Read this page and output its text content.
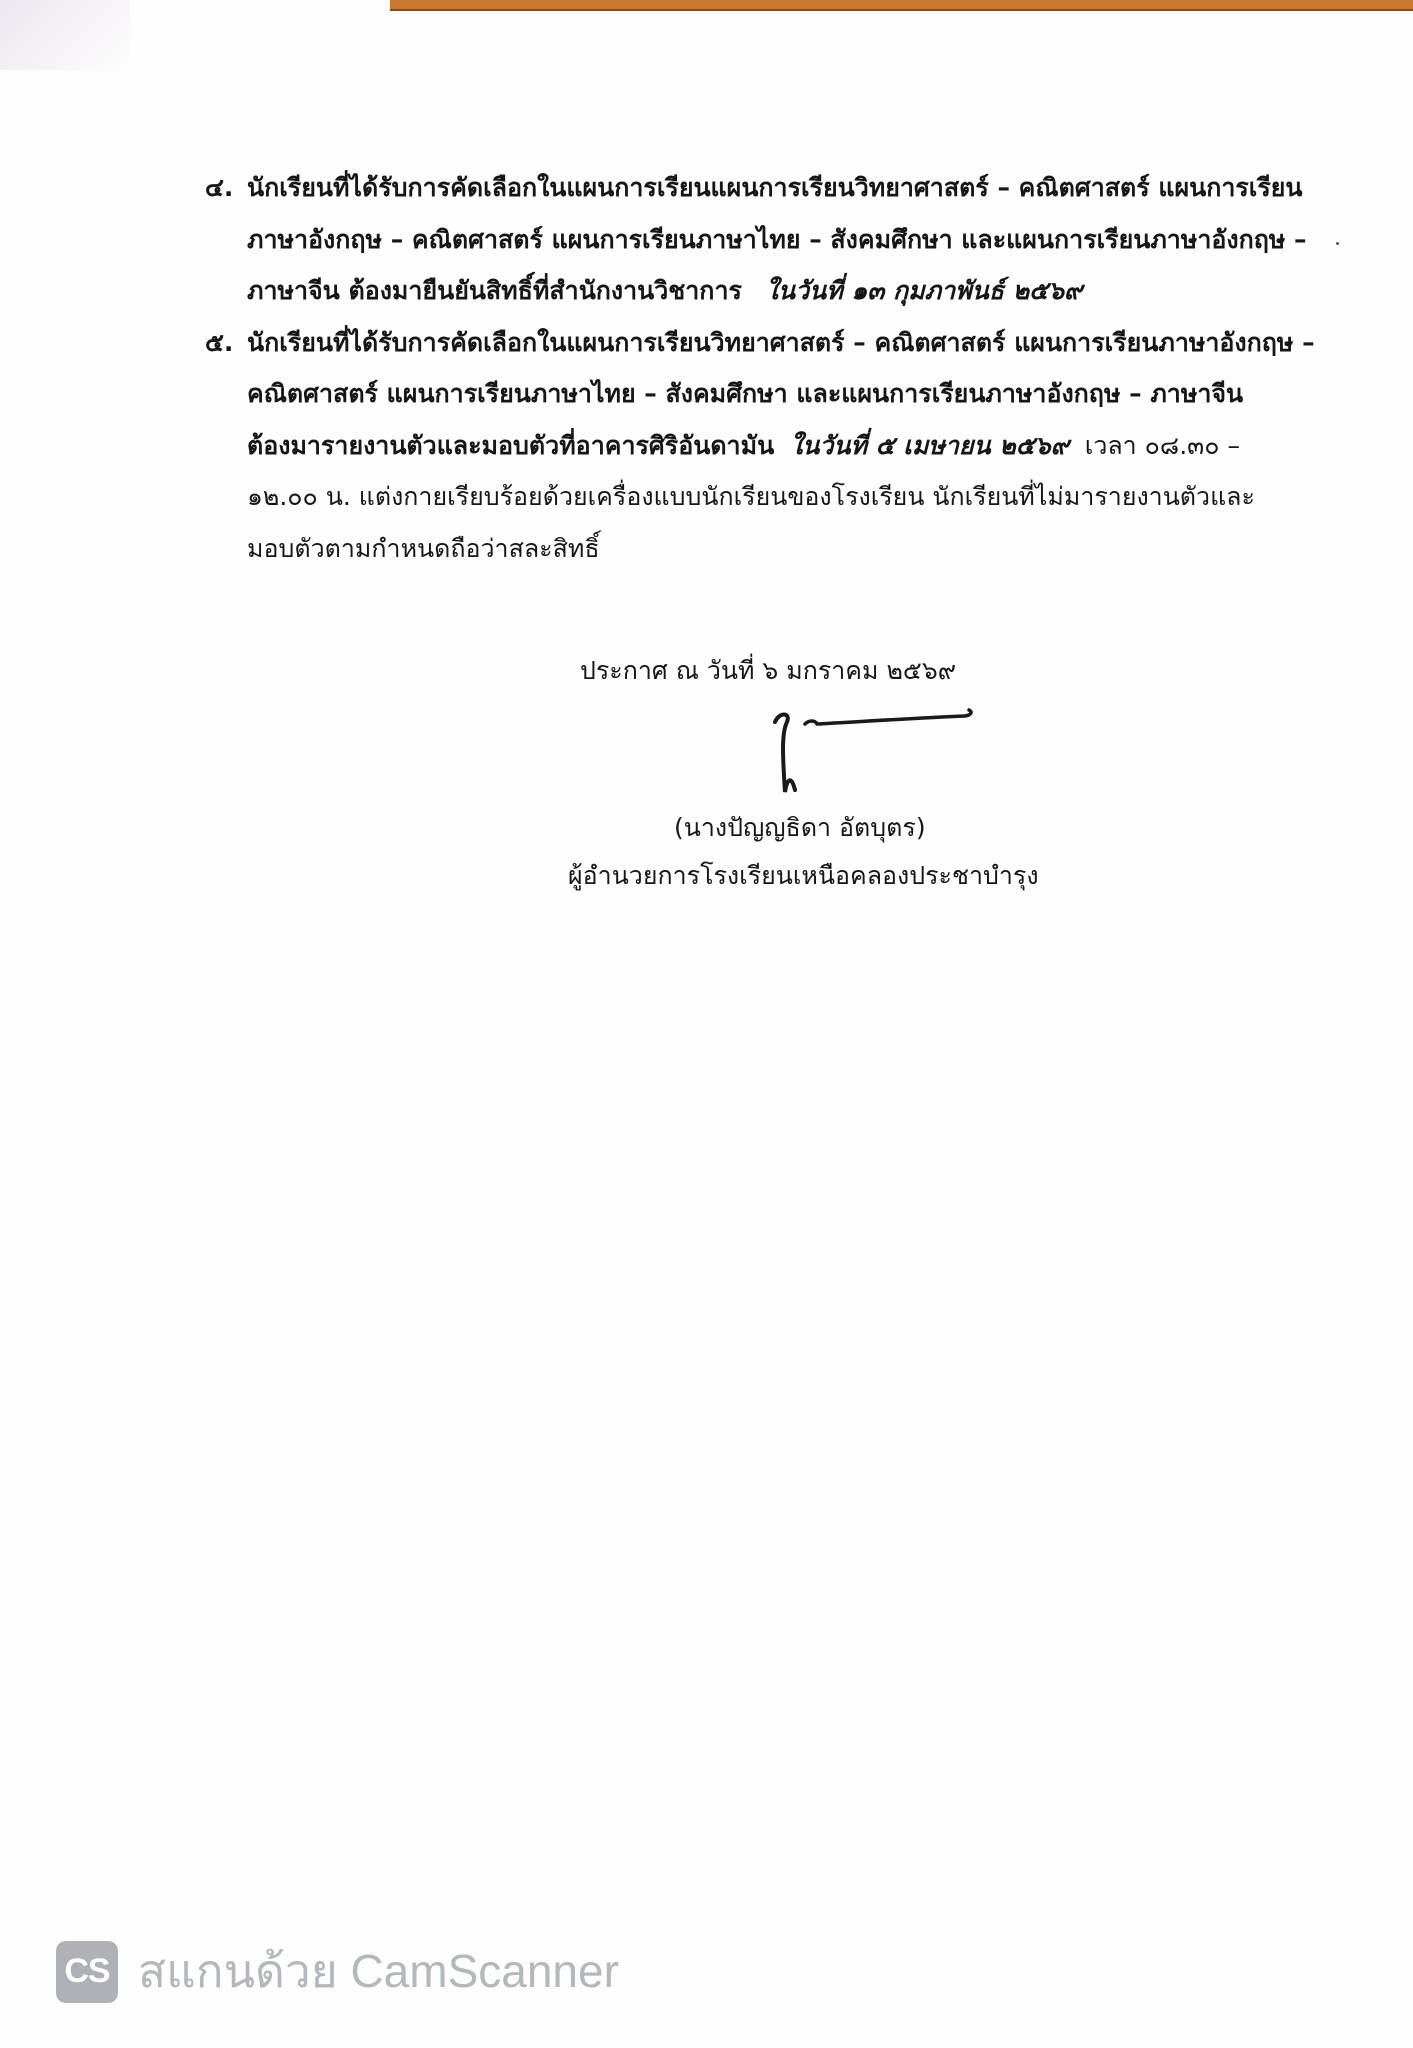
๔. นักเรียนที่ได้รับการคัดเลือกในแผนการเรียนแผนการเรียนวิทยาศาสตร์ – คณิตศาสตร์ แผนการเรียน
ภาษาอังกฤษ – คณิตศาสตร์ แผนการเรียนภาษาไทย – สังคมศึกษา และแผนการเรียนภาษาอังกฤษ –
ภาษาจีน ต้องมายืนยันสิทธิ์ที่สำนักงานวิชาการ ในวันที่ ๑๓ กุมภาพันธ์ ๒๕๖๙
๕. นักเรียนที่ได้รับการคัดเลือกในแผนการเรียนวิทยาศาสตร์ – คณิตศาสตร์ แผนการเรียนภาษาอังกฤษ –
คณิตศาสตร์ แผนการเรียนภาษาไทย – สังคมศึกษา และแผนการเรียนภาษาอังกฤษ – ภาษาจีน
ต้องมารายงานตัวและมอบตัวที่อาคารศิริอันดามัน ในวันที่ ๕ เมษายน ๒๕๖๙ เวลา ๐๘.๓๐ –
๑๒.๐๐ น. แต่งกายเรียบร้อยด้วยเครื่องแบบนักเรียนของโรงเรียน นักเรียนที่ไม่มารายงานตัวและ
มอบตัวตามกำหนดถือว่าสละสิทธิ์
ประกาศ ณ วันที่ ๖ มกราคม ๒๕๖๙
(นางปัญญธิดา อัตบุตร)
ผู้อำนวยการโรงเรียนเหนือคลองประชาบำรุง
CS สแกนด้วย CamScanner
